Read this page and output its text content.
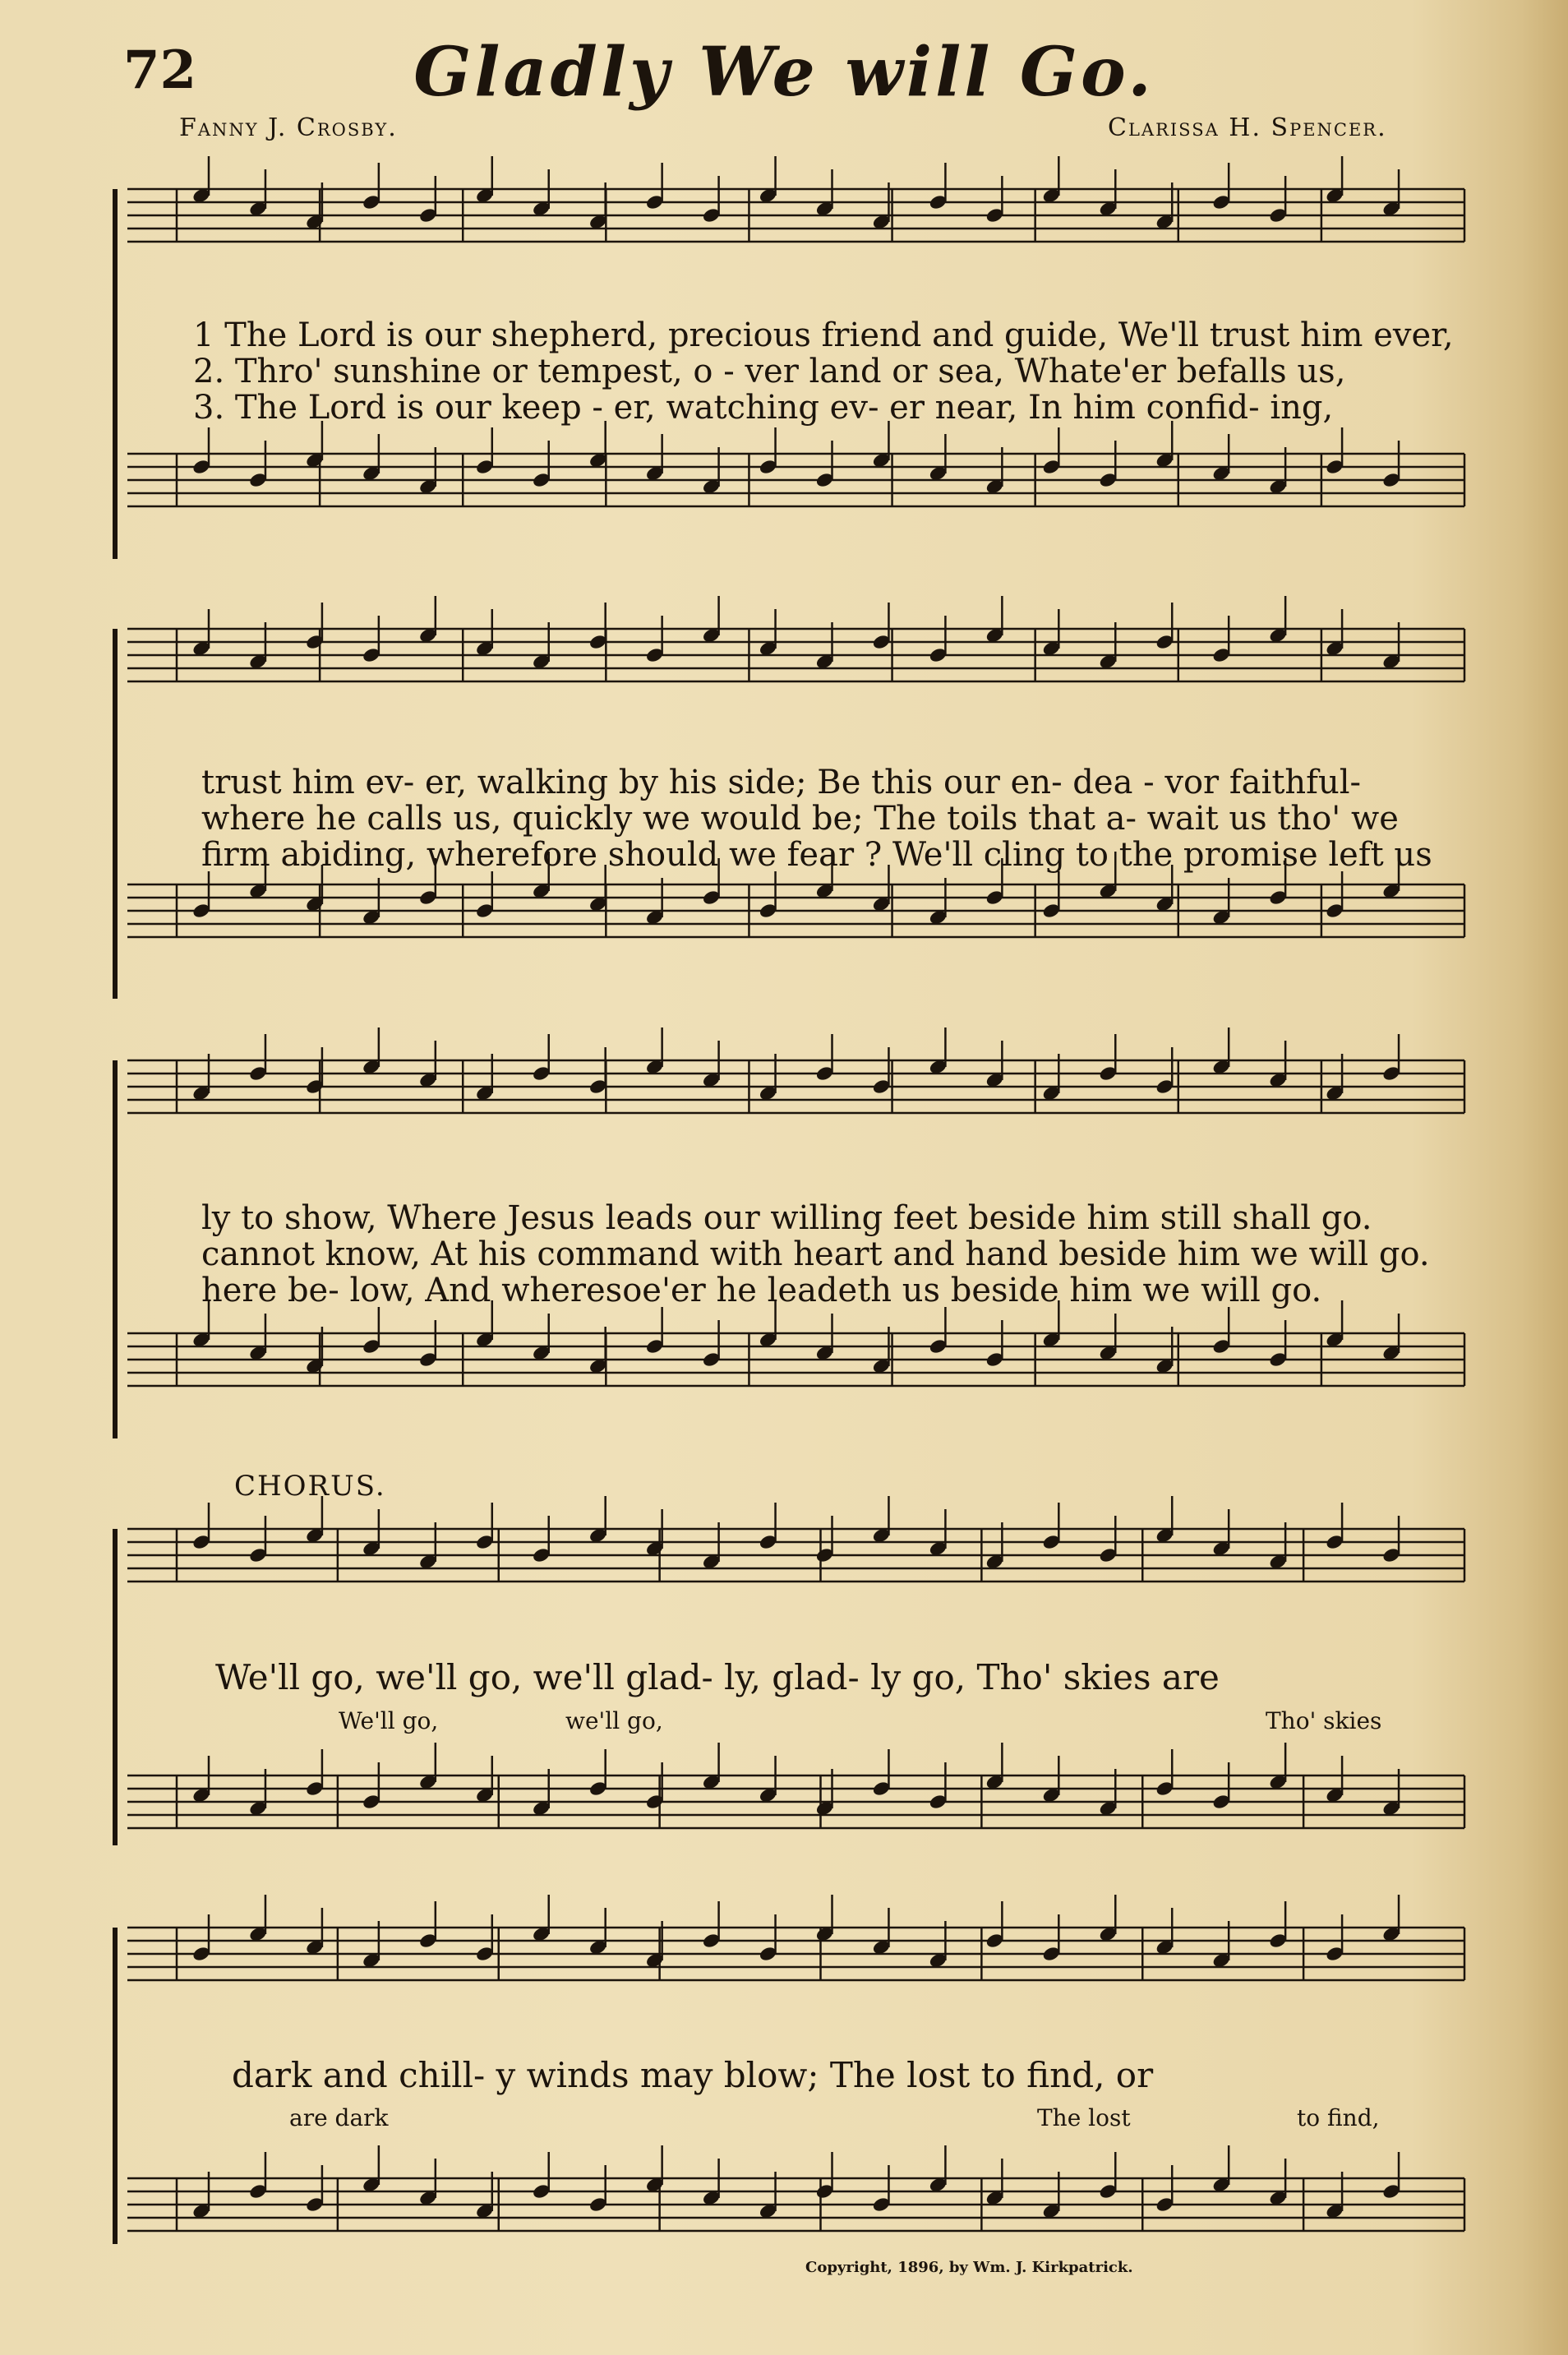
72	Gladly We will Go.
Fanny J. Crosby.	Clarissa H. Spencer.
1 The Lord is our shepherd, precious friend and guide, We'll trust him ever,
2. Thro' sunshine or tempest, o - ver land or sea, Whate'er befalls us,
3. The Lord is our keep - er, watching ev- er near, In him confid- ing,
trust him ev- er, walking by his side; Be this our en- dea - vor faithful-
where he calls us, quickly we would be; The toils that a- wait us tho' we
firm abiding, wherefore should we fear ? We'll cling to the promise left us
ly to show, Where Jesus leads our willing feet beside him still shall go.
cannot know, At his command with heart and hand beside him we will go.
here be- low, And wheresoe'er he leadeth us beside him we will go.
CHORUS.
We'll go, we'll go, we'll glad- ly, glad- ly go, Tho' skies are
We'll go,	we'll go,	Tho' skies
dark and chill- y winds may blow; The lost to find, or
are dark	The lost	to find,
Copyright, 1896, by Wm. J. Kirkpatrick.
